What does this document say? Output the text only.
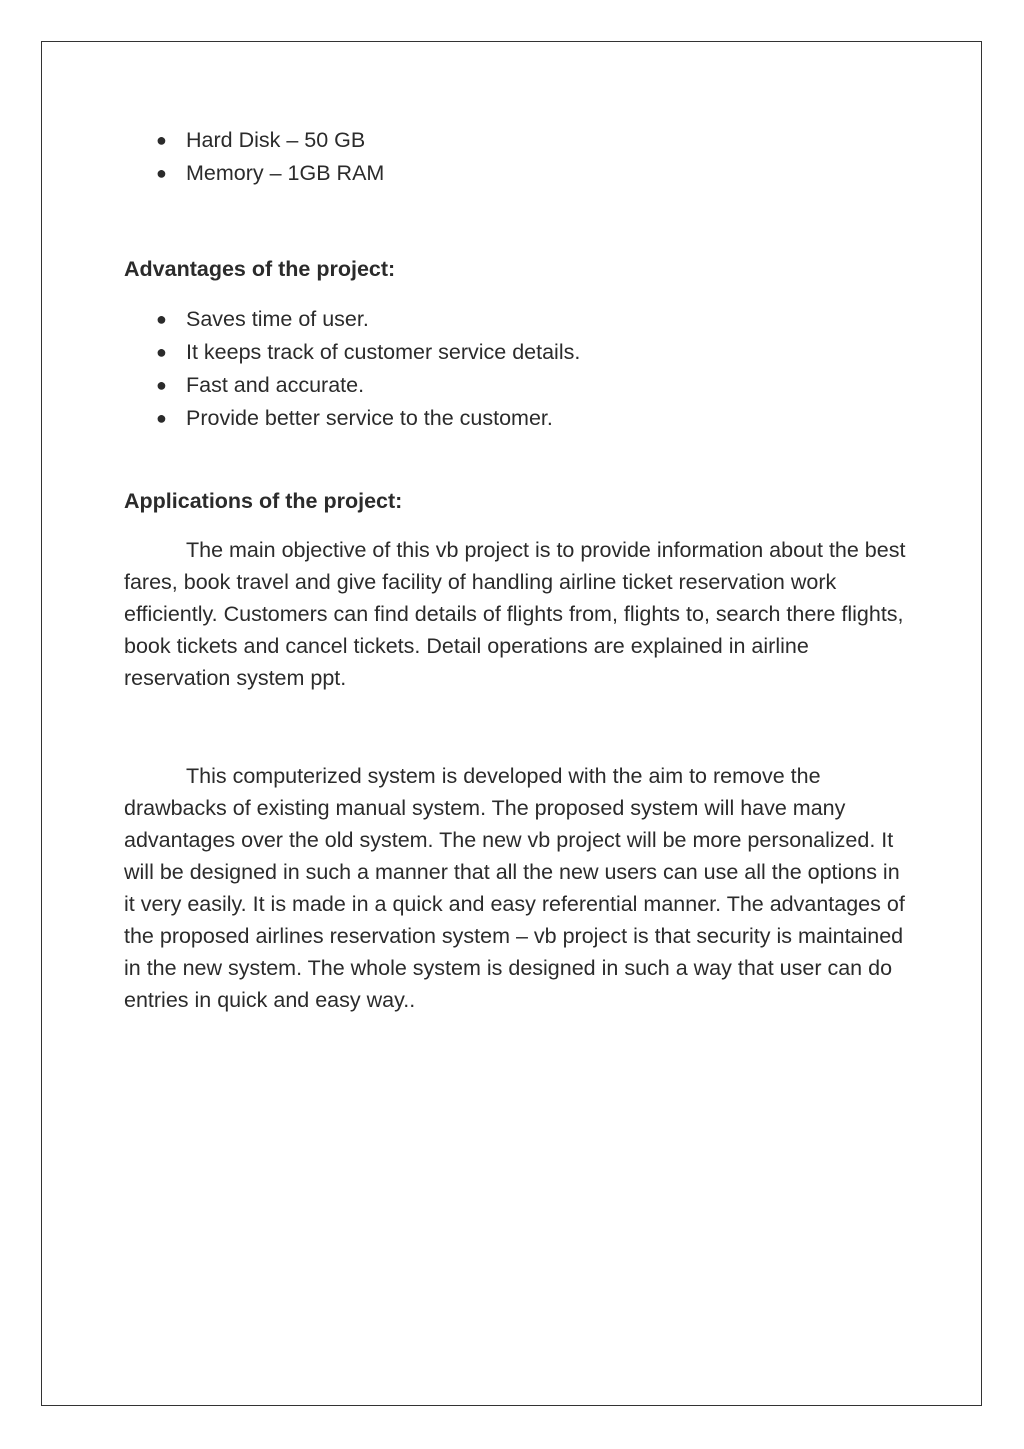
● Hard Disk – 50 GB
● Memory – 1GB RAM

Advantages of the project:

● Saves time of user.
● It keeps track of customer service details.
● Fast and accurate.
● Provide better service to the customer.

Applications of the project:

The main objective of this vb project is to provide information about the best fares, book travel and give facility of handling airline ticket reservation work efficiently. Customers can find details of flights from, flights to, search there flights, book tickets and cancel tickets. Detail operations are explained in airline reservation system ppt.

This computerized system is developed with the aim to remove the drawbacks of existing manual system. The proposed system will have many advantages over the old system. The new vb project will be more personalized. It will be designed in such a manner that all the new users can use all the options in it very easily. It is made in a quick and easy referential manner. The advantages of the proposed airlines reservation system – vb project is that security is maintained in the new system. The whole system is designed in such a way that user can do entries in quick and easy way..
